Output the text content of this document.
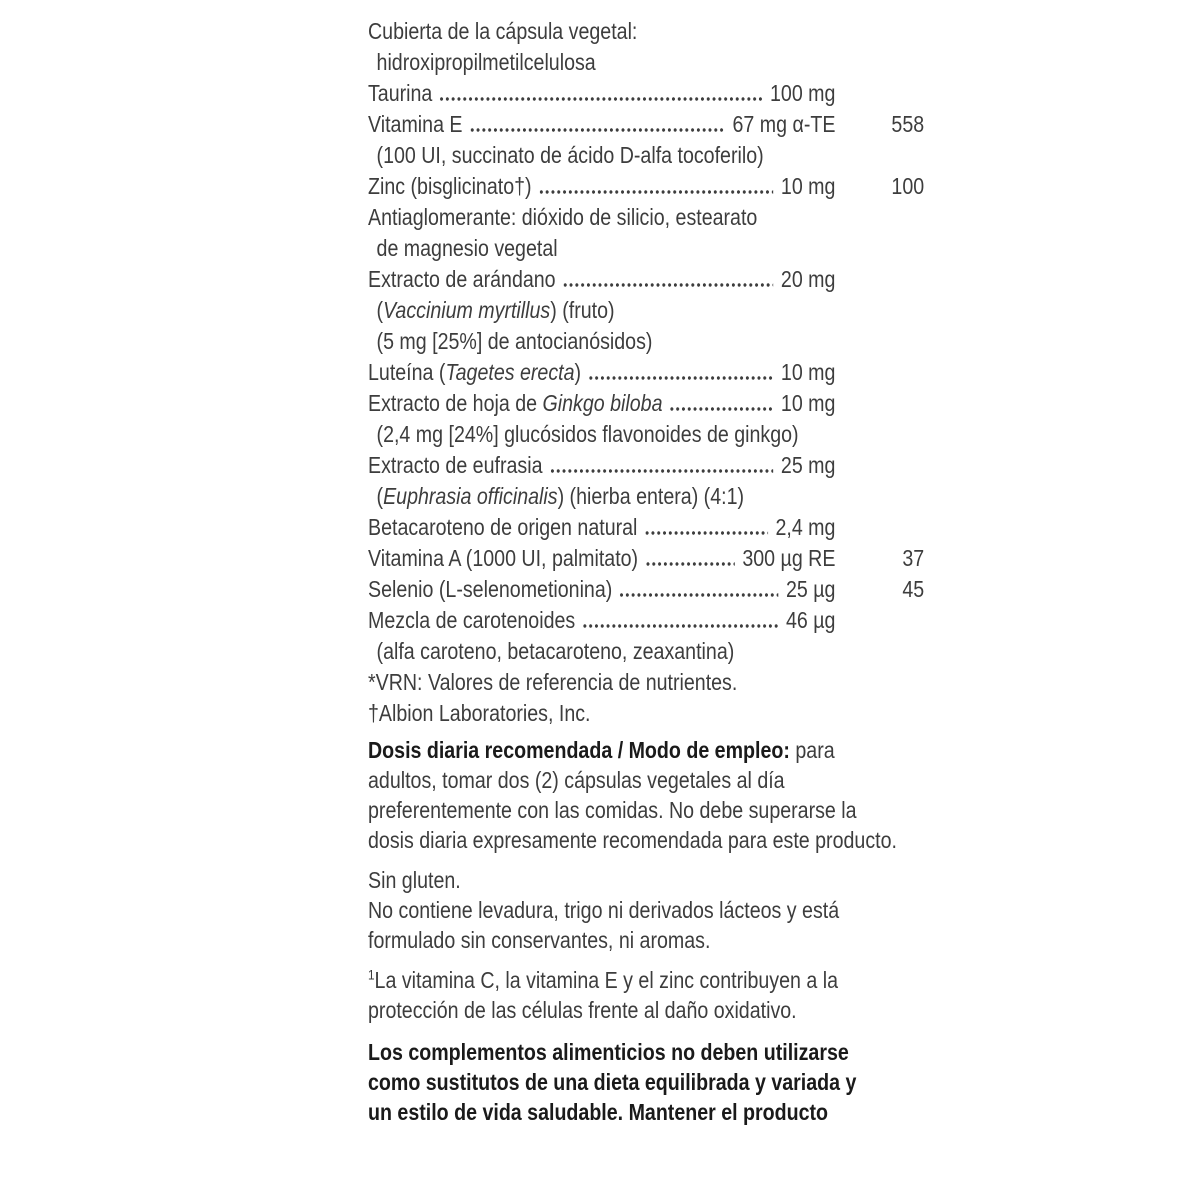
Cubierta de la cápsula vegetal:
hidroxipropilmetilcelulosa
Taurina	100 mg
Vitamina E	67 mg α-TE	558
(100 UI, succinato de ácido D-alfa tocoferilo)
Zinc (bisglicinato†)	10 mg	100
Antiaglomerante: dióxido de silicio, estearato
de magnesio vegetal
Extracto de arándano	20 mg
(Vaccinium myrtillus) (fruto)
(5 mg [25%] de antocianósidos)
Luteína (Tagetes erecta)	10 mg
Extracto de hoja de Ginkgo biloba	10 mg
(2,4 mg [24%] glucósidos flavonoides de ginkgo)
Extracto de eufrasia	25 mg
(Euphrasia officinalis) (hierba entera) (4:1)
Betacaroteno de origen natural	2,4 mg
Vitamina A (1000 UI, palmitato)	300 µg RE	37
Selenio (L-selenometionina)	25 µg	45
Mezcla de carotenoides	46 µg
(alfa caroteno, betacaroteno, zeaxantina)
*VRN: Valores de referencia de nutrientes.
†Albion Laboratories, Inc.
Dosis diaria recomendada / Modo de empleo: para
adultos, tomar dos (2) cápsulas vegetales al día
preferentemente con las comidas. No debe superarse la
dosis diaria expresamente recomendada para este producto.
Sin gluten.
No contiene levadura, trigo ni derivados lácteos y está
formulado sin conservantes, ni aromas.
$^1$La vitamina C, la vitamina E y el zinc contribuyen a la
protección de las células frente al daño oxidativo.
Los complementos alimenticios no deben utilizarse
como sustitutos de una dieta equilibrada y variada y
un estilo de vida saludable. Mantener el producto
